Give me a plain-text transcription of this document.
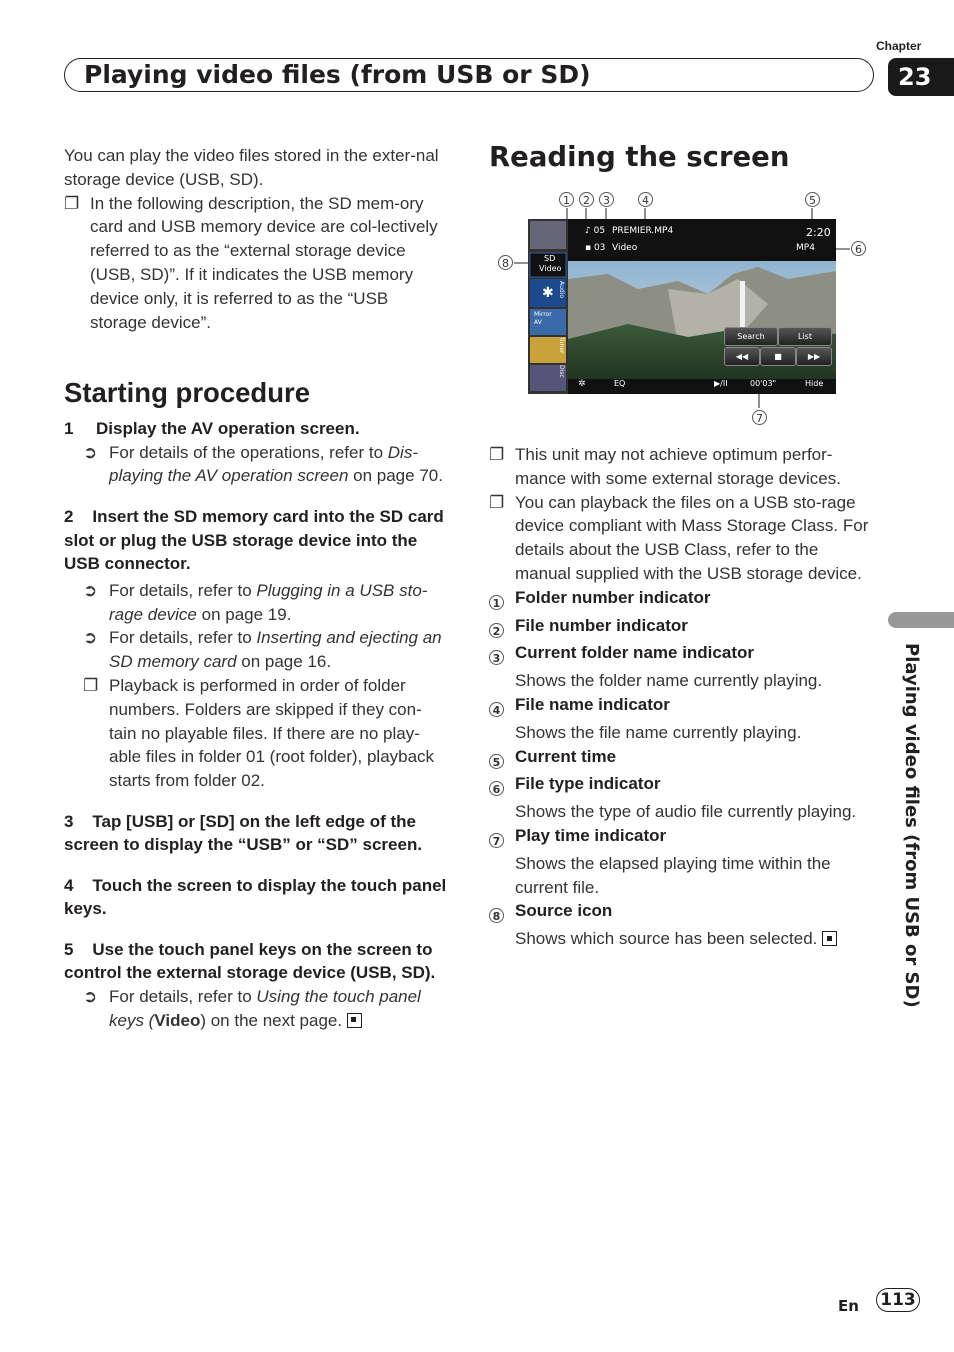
Chapter
23
Playing video files (from USB or SD)
You can play the video files stored in the exter-nal storage device (USB, SD).
❐ In the following description, the SD mem-ory card and USB memory device are col-lectively referred to as the “external storage device (USB, SD)”. If it indicates the USB memory device only, it is referred to as the “USB storage device”.
Starting procedure
1	Display the AV operation screen.
➲ For details of the operations, refer to Dis-playing the AV operation screen on page 70.
2 Insert the SD memory card into the SD card slot or plug the USB storage device into the USB connector.
➲ For details, refer to Plugging in a USB sto-rage device on page 19.
➲ For details, refer to Inserting and ejecting an SD memory card on page 16.
❐ Playback is performed in order of folder numbers. Folders are skipped if they con-tain no playable files. If there are no play-able files in folder 01 (root folder), playback starts from folder 02.
3 Tap [USB] or [SD] on the left edge of the screen to display the “USB” or “SD” screen.
4 Touch the screen to display the touch panel keys.
5 Use the touch panel keys on the screen to control the external storage device (USB, SD).
➲ For details, refer to Using the touch panel keys (Video) on the next page.
Reading the screen
1	2	3	4	5
6
7
8
♪ 05
▪ 03
PREMIER.MP4
Video
2:20
MP4
SD
Video
Audio
Tuner
Disc
Mirror AV
✱
Search	List
◀◀	■	▶▶
✲	EQ	▶/II	00'03"	Hide
❐ This unit may not achieve optimum perfor-mance with some external storage devices.
❐ You can playback the files on a USB sto-rage device compliant with Mass Storage Class. For details about the USB Class, refer to the manual supplied with the USB storage device.
1 Folder number indicator
2 File number indicator
3 Current folder name indicator
Shows the folder name currently playing.
4 File name indicator
Shows the file name currently playing.
5 Current time
6 File type indicator
Shows the type of audio file currently playing.
7 Play time indicator
Shows the elapsed playing time within the current file.
8 Source icon
Shows which source has been selected.	Playing video files (from USB or SD)
En 113
